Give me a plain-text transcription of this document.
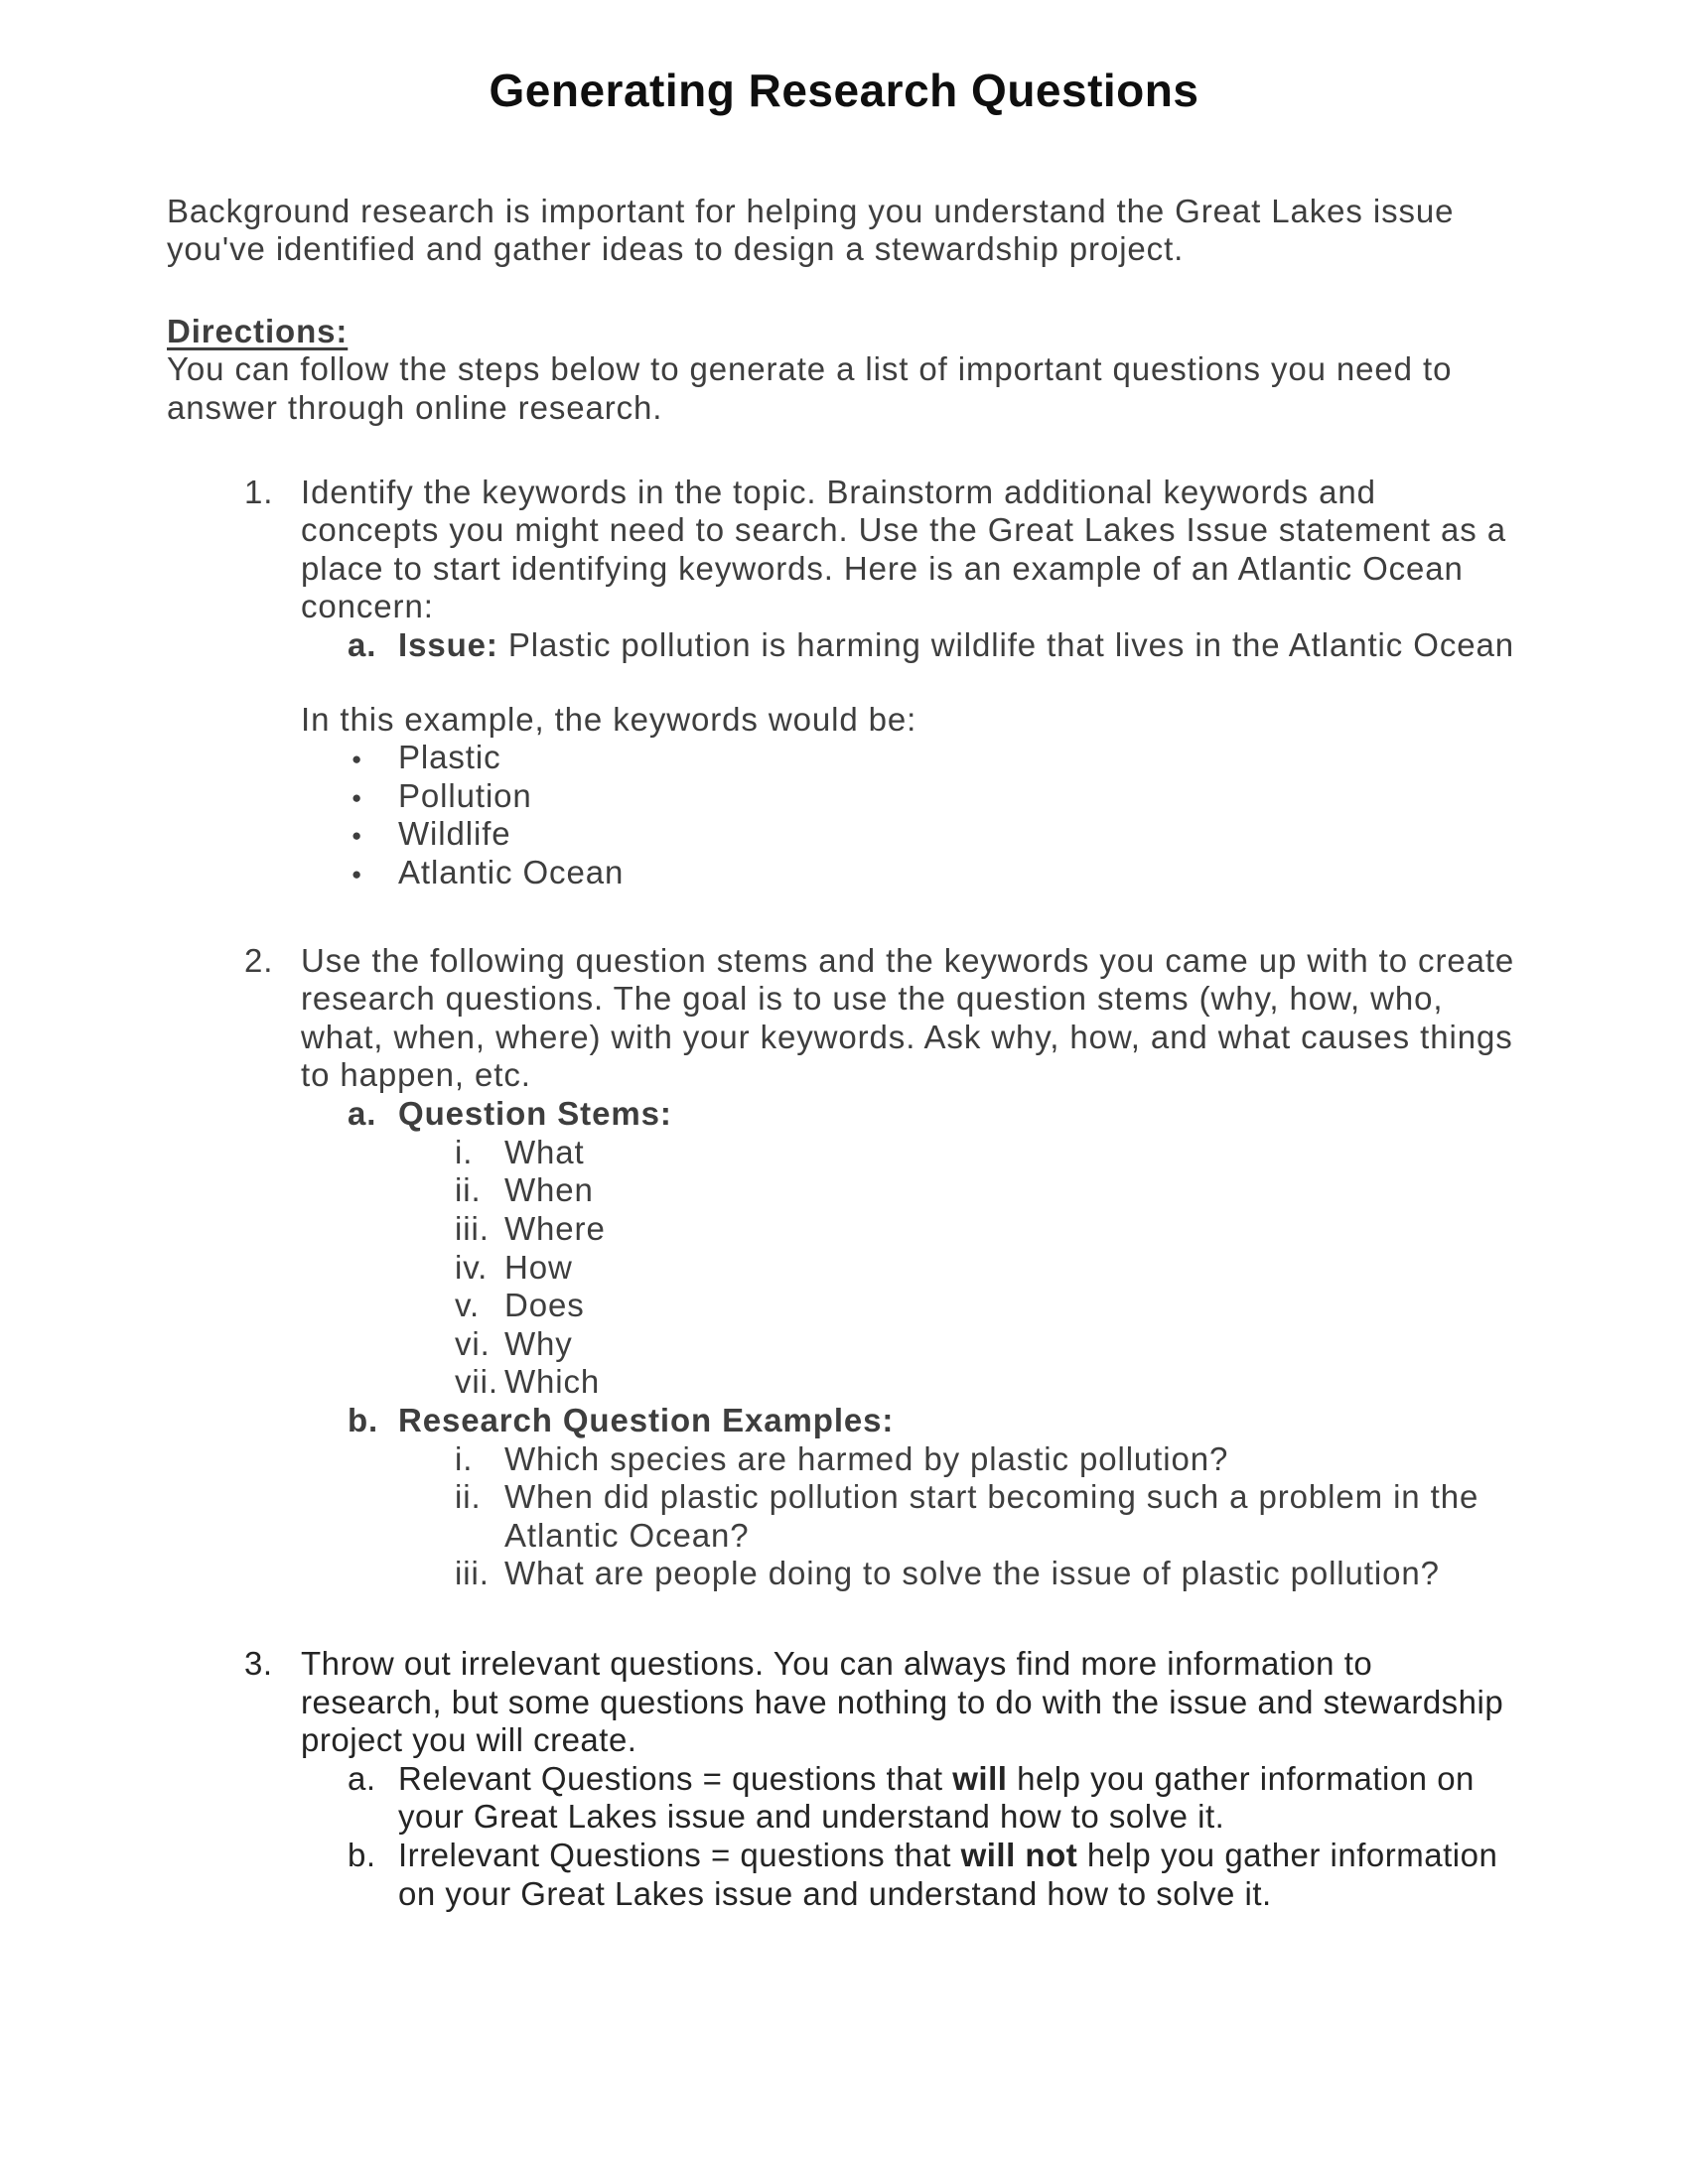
Generating Research Questions

Background research is important for helping you understand the Great Lakes issue you've identified and gather ideas to design a stewardship project.

Directions:

You can follow the steps below to generate a list of important questions you need to answer through online research.

1. Identify the keywords in the topic. Brainstorm additional keywords and concepts you might need to search. Use the Great Lakes Issue statement as a place to start identifying keywords. Here is an example of an Atlantic Ocean concern:
a. Issue: Plastic pollution is harming wildlife that lives in the Atlantic Ocean

In this example, the keywords would be:

●	Plastic
●	Pollution
●	Wildlife
●	Atlantic Ocean
2. Use the following question stems and the keywords you came up with to create research questions. The goal is to use the question stems (why, how, who, what, when, where) with your keywords. Ask why, how, and what causes things to happen, etc.
a. Question Stems:
i. What
ii. When
iii. Where
iv. How
v. Does
vi. Why
vii. Which
b. Research Question Examples:
i. Which species are harmed by plastic pollution?
ii. When did plastic pollution start becoming such a problem in the Atlantic Ocean?
iii. What are people doing to solve the issue of plastic pollution?
3. Throw out irrelevant questions. You can always find more information to research, but some questions have nothing to do with the issue and stewardship project you will create.
a. Relevant Questions = questions that will help you gather information on your Great Lakes issue and understand how to solve it.
b. Irrelevant Questions = questions that will not help you gather information on your Great Lakes issue and understand how to solve it.
